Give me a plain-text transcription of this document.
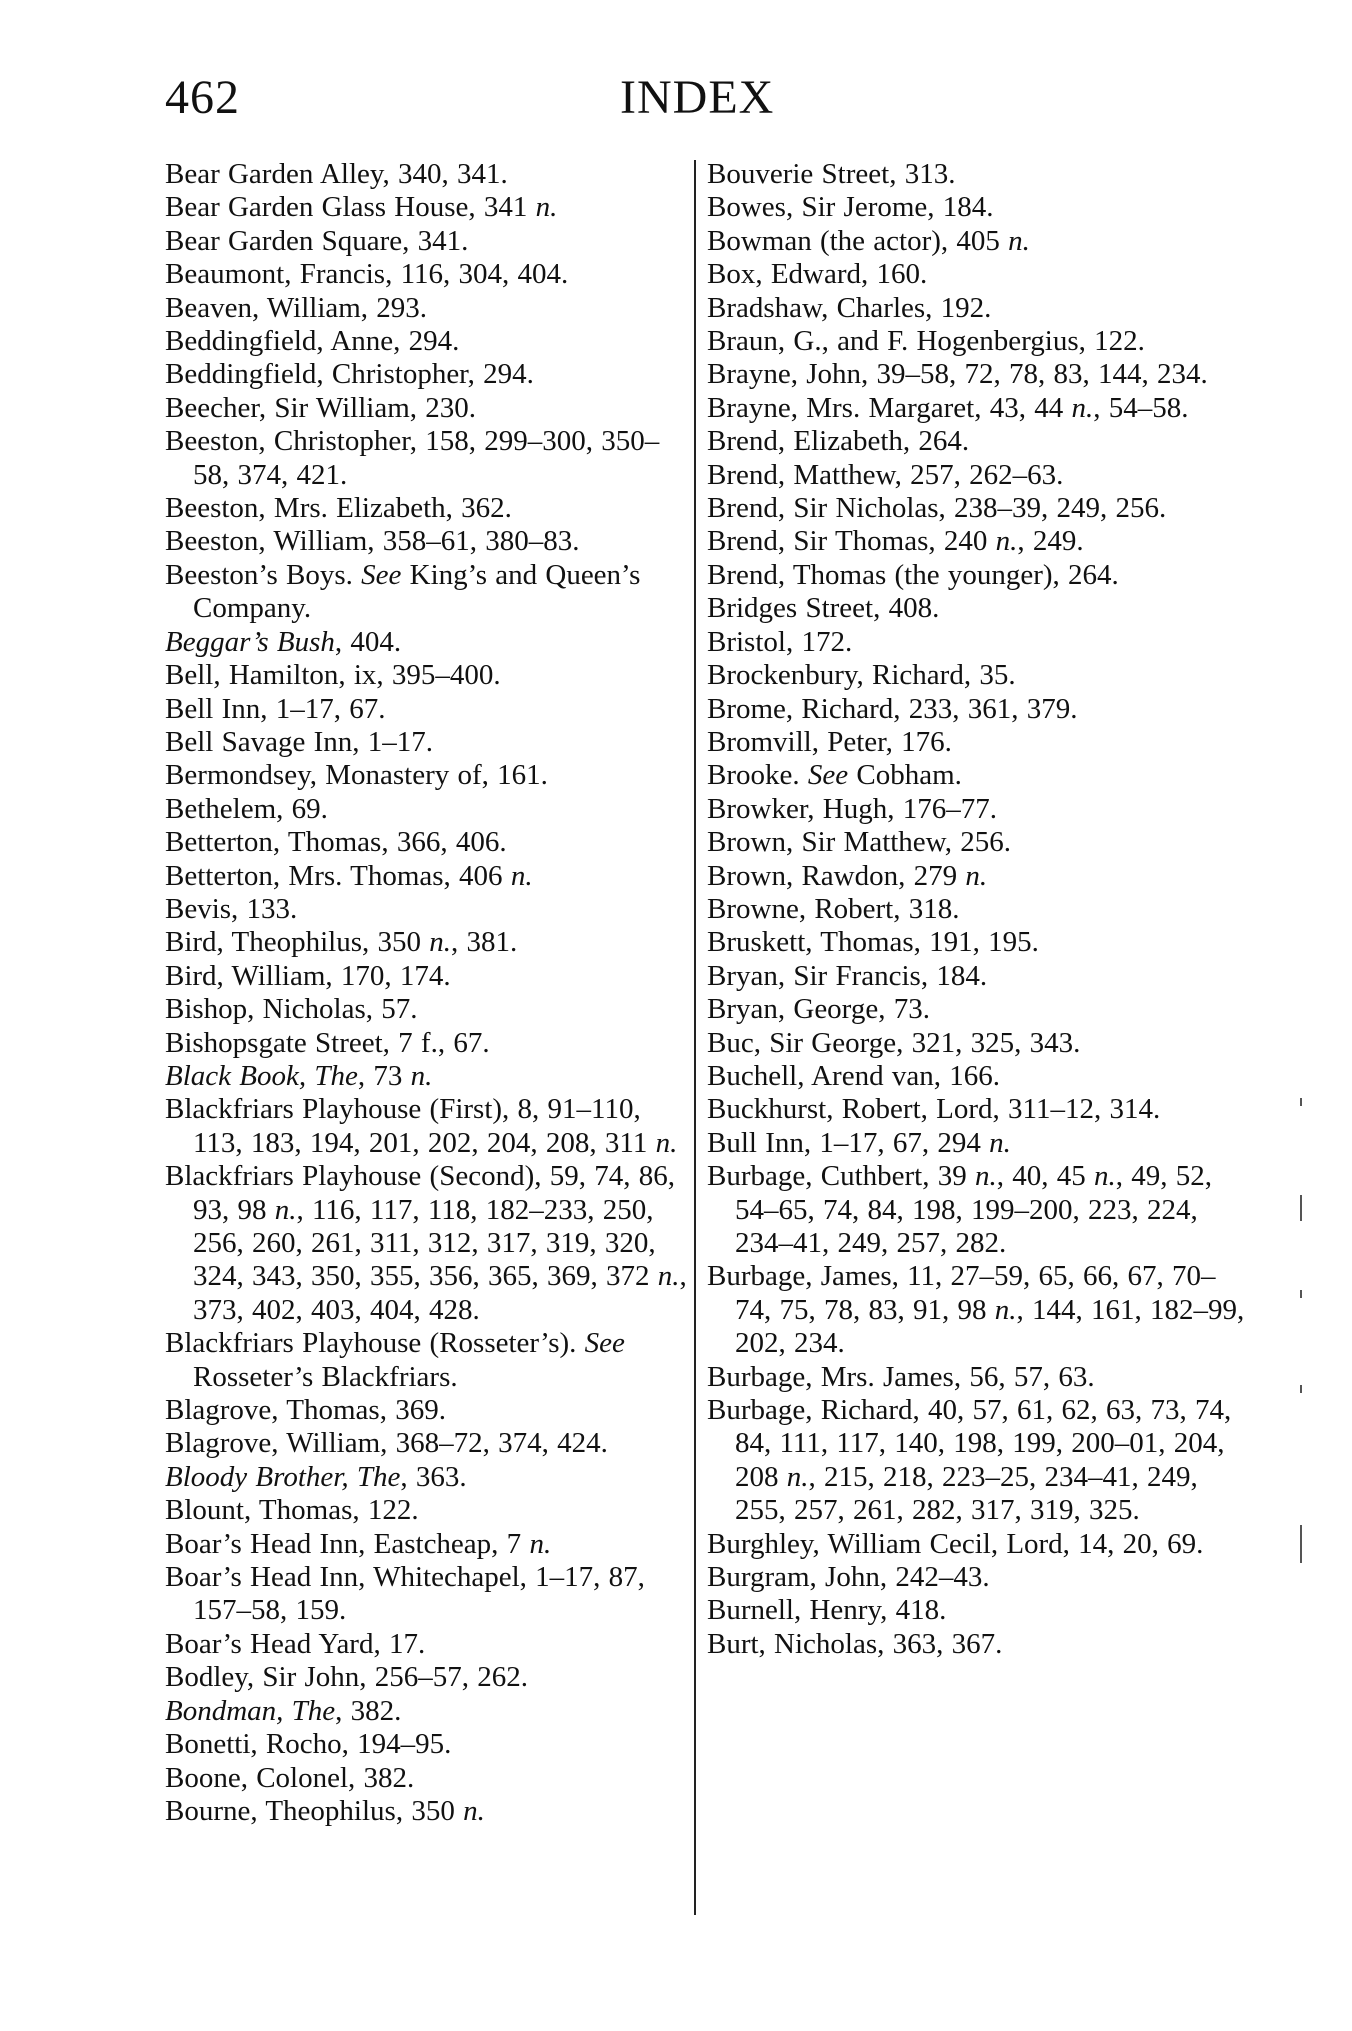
462	INDEX

Bear Garden Alley, 340, 341.

Bear Garden Glass House, 341 n.

Bear Garden Square, 341.

Beaumont, Francis, 116, 304, 404.

Beaven, William, 293.

Beddingfield, Anne, 294.

Beddingfield, Christopher, 294.

Beecher, Sir William, 230.

Beeston, Christopher, 158, 299–300, 350–58, 374, 421.

Beeston, Mrs. Elizabeth, 362.

Beeston, William, 358–61, 380–83.

Beeston’s Boys. See King’s and Queen’s Company.

Beggar’s Bush, 404.

Bell, Hamilton, ix, 395–400.

Bell Inn, 1–17, 67.

Bell Savage Inn, 1–17.

Bermondsey, Monastery of, 161.

Bethelem, 69.

Betterton, Thomas, 366, 406.

Betterton, Mrs. Thomas, 406 n.

Bevis, 133.

Bird, Theophilus, 350 n., 381.

Bird, William, 170, 174.

Bishop, Nicholas, 57.

Bishopsgate Street, 7 f., 67.

Black Book, The, 73 n.

Blackfriars Playhouse (First), 8, 91–110, 113, 183, 194, 201, 202, 204, 208, 311 n.

Blackfriars Playhouse (Second), 59, 74, 86, 93, 98 n., 116, 117, 118, 182–233, 250, 256, 260, 261, 311, 312, 317, 319, 320, 324, 343, 350, 355, 356, 365, 369, 372 n., 373, 402, 403, 404, 428.

Blackfriars Playhouse (Rosseter’s). See Rosseter’s Blackfriars.

Blagrove, Thomas, 369.

Blagrove, William, 368–72, 374, 424.

Bloody Brother, The, 363.

Blount, Thomas, 122.

Boar’s Head Inn, Eastcheap, 7 n.

Boar’s Head Inn, Whitechapel, 1–17, 87, 157–58, 159.

Boar’s Head Yard, 17.

Bodley, Sir John, 256–57, 262.

Bondman, The, 382.

Bonetti, Rocho, 194–95.

Boone, Colonel, 382.

Bourne, Theophilus, 350 n.

Bouverie Street, 313.

Bowes, Sir Jerome, 184.

Bowman (the actor), 405 n.

Box, Edward, 160.

Bradshaw, Charles, 192.

Braun, G., and F. Hogenbergius, 122.

Brayne, John, 39–58, 72, 78, 83, 144, 234.

Brayne, Mrs. Margaret, 43, 44 n., 54–58.

Brend, Elizabeth, 264.

Brend, Matthew, 257, 262–63.

Brend, Sir Nicholas, 238–39, 249, 256.

Brend, Sir Thomas, 240 n., 249.

Brend, Thomas (the younger), 264.

Bridges Street, 408.

Bristol, 172.

Brockenbury, Richard, 35.

Brome, Richard, 233, 361, 379.

Bromvill, Peter, 176.

Brooke. See Cobham.

Browker, Hugh, 176–77.

Brown, Sir Matthew, 256.

Brown, Rawdon, 279 n.

Browne, Robert, 318.

Bruskett, Thomas, 191, 195.

Bryan, Sir Francis, 184.

Bryan, George, 73.

Buc, Sir George, 321, 325, 343.

Buchell, Arend van, 166.

Buckhurst, Robert, Lord, 311–12, 314.

Bull Inn, 1–17, 67, 294 n.

Burbage, Cuthbert, 39 n., 40, 45 n., 49, 52, 54–65, 74, 84, 198, 199–200, 223, 224, 234–41, 249, 257, 282.

Burbage, James, 11, 27–59, 65, 66, 67, 70–74, 75, 78, 83, 91, 98 n., 144, 161, 182–99, 202, 234.

Burbage, Mrs. James, 56, 57, 63.

Burbage, Richard, 40, 57, 61, 62, 63, 73, 74, 84, 111, 117, 140, 198, 199, 200–01, 204, 208 n., 215, 218, 223–25, 234–41, 249, 255, 257, 261, 282, 317, 319, 325.

Burghley, William Cecil, Lord, 14, 20, 69.

Burgram, John, 242–43.

Burnell, Henry, 418.

Burt, Nicholas, 363, 367.
